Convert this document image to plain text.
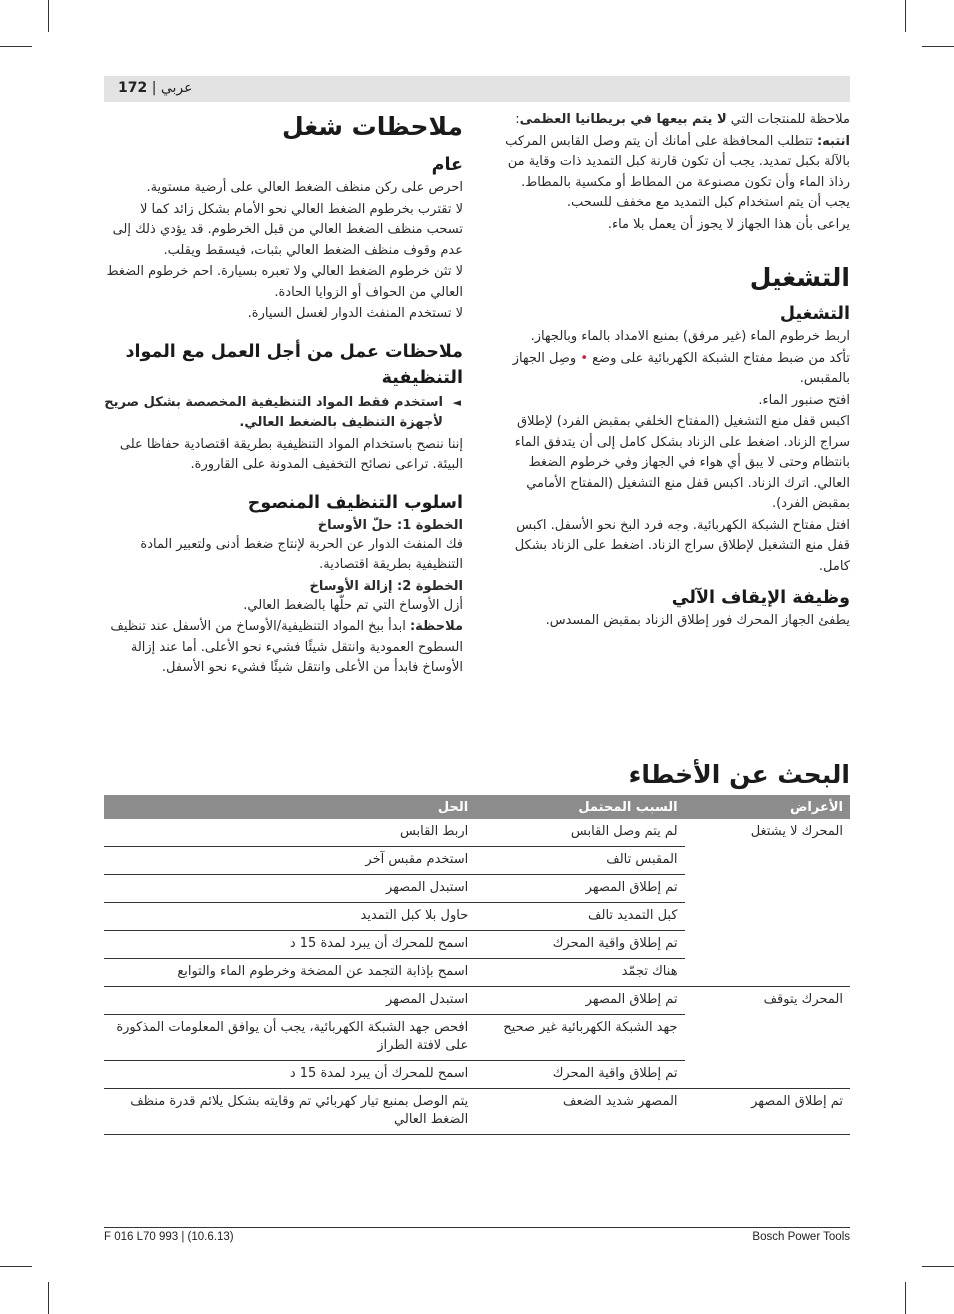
172 | عربي

ملاحظة للمنتجات التي لا يتم بيعها في بريطانيا العظمى:

انتبه: تتطلب المحافظة على أمانك أن يتم وصل القابس المركب بالآلة بكبل تمديد. يجب أن تكون قارنة كبل التمديد ذات وقاية من رذاذ الماء وأن تكون مصنوعة من المطاط أو مكسية بالمطاط. يجب أن يتم استخدام كبل التمديد مع مخفف للسحب.

يراعى بأن هذا الجهاز لا يجوز أن يعمل بلا ماء.

التشغيل
التشغيل

اربط خرطوم الماء (غير مرفق) بمنبع الامداد بالماء وبالجهاز.

تأكد من ضبط مفتاح الشبكة الكهربائية على وضع • وصِل الجهاز بالمقبس.

افتح صنبور الماء.

اكبس قفل منع التشغيل (المفتاح الخلفي بمقبض الفرد) لإطلاق سراج الزناد. اضغط على الزناد بشكل كامل إلى أن يتدفق الماء بانتظام وحتى لا يبق أي هواء في الجهاز وفي خرطوم الضغط العالي. اترك الزناد. اكبس قفل منع التشغيل (المفتاح الأمامي بمقبض الفرد).

افتل مفتاح الشبكة الكهربائية. وجه فرد البخ نحو الأسفل. اكبس قفل منع التشغيل لإطلاق سراج الزناد. اضغط على الزناد بشكل كامل.

وظيفة الإيقاف الآلي

يطفئ الجهاز المحرك فور إطلاق الزناد بمقبض المسدس.

ملاحظات شغل
عام

احرص على ركن منظف الضغط العالي على أرضية مستوية.

لا تقترب بخرطوم الضغط العالي نحو الأمام بشكل زائد كما لا تسحب منظف الضغط العالي من قبل الخرطوم. قد يؤدي ذلك إلى عدم وقوف منظف الضغط العالي بثبات، فيسقط ويقلب.

لا تثن خرطوم الضغط العالي ولا تعبره بسيارة. احم خرطوم الضغط العالي من الحواف أو الزوايا الحادة.

لا تستخدم المنفث الدوار لغسل السيارة.

ملاحظات عمل من أجل العمل مع المواد التنظيفية

◄
استخدم فقط المواد التنظيفية المخصصة بشكل صريح لأجهزة التنظيف بالضغط العالي.

إننا ننصح باستخدام المواد التنظيفية بطريقة اقتصادية حفاظا على البيئة. تراعى نصائح التخفيف المدونة على القارورة.

اسلوب التنظيف المنصوح
الخطوة 1: حلّ الأوساخ

فك المنفث الدوار عن الحربة لإنتاج ضغط أدنى ولتعبير المادة التنظيفية بطريقة اقتصادية.

الخطوة 2: إزالة الأوساخ

أزل الأوساخ التي تم حلّها بالضغط العالي.

ملاحظة: ابدأ ببخ المواد التنظيفية/الأوساخ من الأسفل عند تنظيف السطوح العمودية وانتقل شيئًا فشيء نحو الأعلى. أما عند إزالة الأوساخ فابدأ من الأعلى وانتقل شيئًا فشيء نحو الأسفل.

البحث عن الأخطاء
الأعراض	السبب المحتمل	الحل
المحرك لا يشتغل	لم يتم وصل القابس	اربط القابس
	المقبس تالف	استخدم مقبس آخر
	تم إطلاق المصهر	استبدل المصهر
	كبل التمديد تالف	حاول بلا كبل التمديد
	تم إطلاق واقية المحرك	اسمح للمحرك أن يبرد لمدة 15 د
	هناك تجمّد	اسمح بإذابة التجمد عن المضخة وخرطوم الماء والتوابع
المحرك يتوقف	تم إطلاق المصهر	استبدل المصهر
	جهد الشبكة الكهربائية غير صحيح	افحص جهد الشبكة الكهربائية، يجب أن يوافق المعلومات المذكورة على لافتة الطراز
	تم إطلاق واقية المحرك	اسمح للمحرك أن يبرد لمدة 15 د
تم إطلاق المصهر	المصهر شديد الضعف	يتم الوصل بمنبع تيار كهربائي تم وقايته بشكل يلائم قدرة منظف الضغط العالي
F 016 L70 993 | (10.6.13)	Bosch Power Tools
